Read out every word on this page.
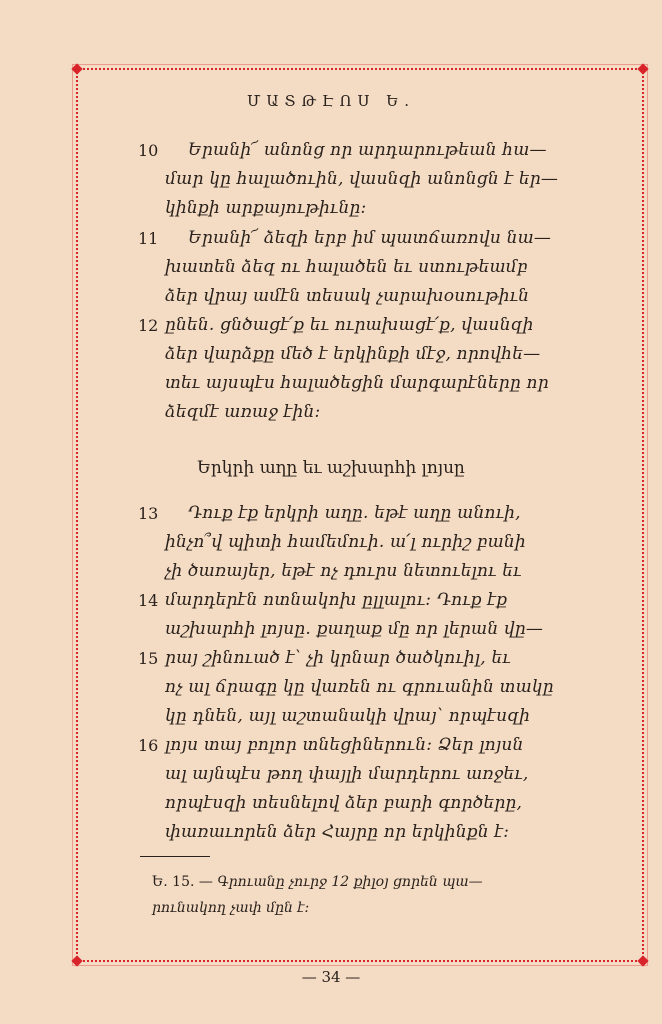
ՄԱՏԹԷՈՍ Ե.
10	Երանի՜ անոնց որ արդարութեան հա—
մար կը հալածուին, վասնզի անոնցն է եր—
կինքի արքայութիւնը:
11	Երանի՜ ձեզի երբ իմ պատճառովս նա—
խատեն ձեզ ու հալածեն եւ ստութեամբ
ձեր վրայ ամէն տեսակ չարախօսութիւն
12 ընեն. ցնծացէ՛ք եւ ուրախացէ՛ք, վասնզի
ձեր վարձքը մեծ է երկինքի մէջ, որովհե—
տեւ այսպէս հալածեցին մարգարէները որ
ձեզմէ առաջ էին:
Երկրի աղը եւ աշխարհի լոյսը
13	Դուք էք երկրի աղը. եթէ աղը անուի,
ինչո՞վ պիտի համեմուի. ա՛լ ուրիշ բանի
չի ծառայեր, եթէ ոչ դուրս նետուելու եւ
14 մարդերէն ոտնակոխ ըլլալու: Դուք էք
աշխարհի լոյսը. քաղաք մը որ լերան վը—
15 րայ շինուած է՝ չի կրնար ծածկուիլ, եւ
ոչ ալ ճրագը կը վառեն ու գրուանին տակը
կը դնեն, այլ աշտանակի վրայ՝ որպէսզի
16 լոյս տայ բոլոր տնեցիներուն: Ձեր լոյսն
ալ այնպէս թող փայլի մարդերու առջեւ,
որպէսզի տեսնելով ձեր բարի գործերը,
փառաւորեն ձեր Հայրը որ երկինքն է:
Ե. 15. — Գրուանը չուրջ 12 քիլօյ ցորեն պա—
րունակող չափ մըն է:
— 34 —
